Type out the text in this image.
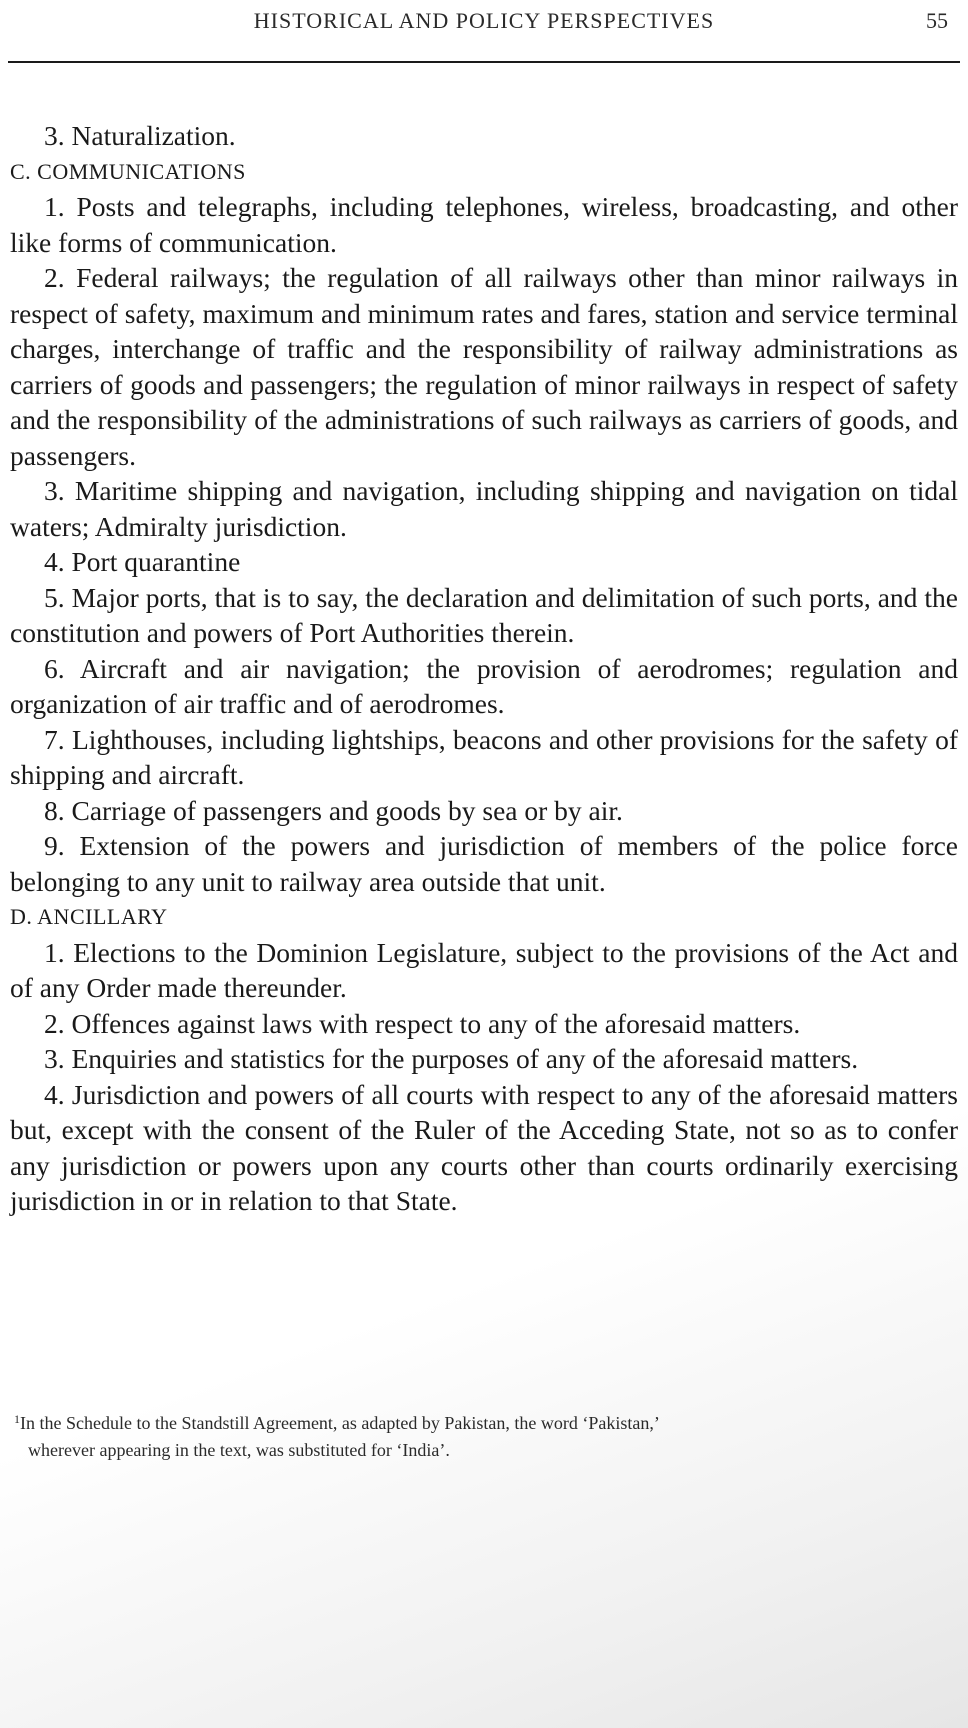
HISTORICAL AND POLICY PERSPECTIVES	55

3. Naturalization.

C. COMMUNICATIONS

1. Posts and telegraphs, including telephones, wireless, broadcasting, and other like forms of communication.

2. Federal railways; the regulation of all railways other than minor railways in respect of safety, maximum and minimum rates and fares, station and service terminal charges, interchange of traffic and the responsibility of railway administrations as carriers of goods and passengers; the regulation of minor railways in respect of safety and the responsibility of the administrations of such railways as carriers of goods, and passengers.

3. Maritime shipping and navigation, including shipping and navigation on tidal waters; Admiralty jurisdiction.

4. Port quarantine

5. Major ports, that is to say, the declaration and delimitation of such ports, and the constitution and powers of Port Authorities therein.

6. Aircraft and air navigation; the provision of aerodromes; regulation and organization of air traffic and of aerodromes.

7. Lighthouses, including lightships, beacons and other provisions for the safety of shipping and aircraft.

8. Carriage of passengers and goods by sea or by air.

9. Extension of the powers and jurisdiction of members of the police force belonging to any unit to railway area outside that unit.

D. ANCILLARY

1. Elections to the Dominion Legislature, subject to the provisions of the Act and of any Order made thereunder.

2. Offences against laws with respect to any of the aforesaid matters.

3. Enquiries and statistics for the purposes of any of the aforesaid matters.

4. Jurisdiction and powers of all courts with respect to any of the aforesaid matters but, except with the consent of the Ruler of the Acceding State, not so as to confer any jurisdiction or powers upon any courts other than courts ordinarily exercising jurisdiction in or in relation to that State.

$^1$In the Schedule to the Standstill Agreement, as adapted by Pakistan, the word ‘Pakistan,’
wherever appearing in the text, was substituted for ‘India’.
